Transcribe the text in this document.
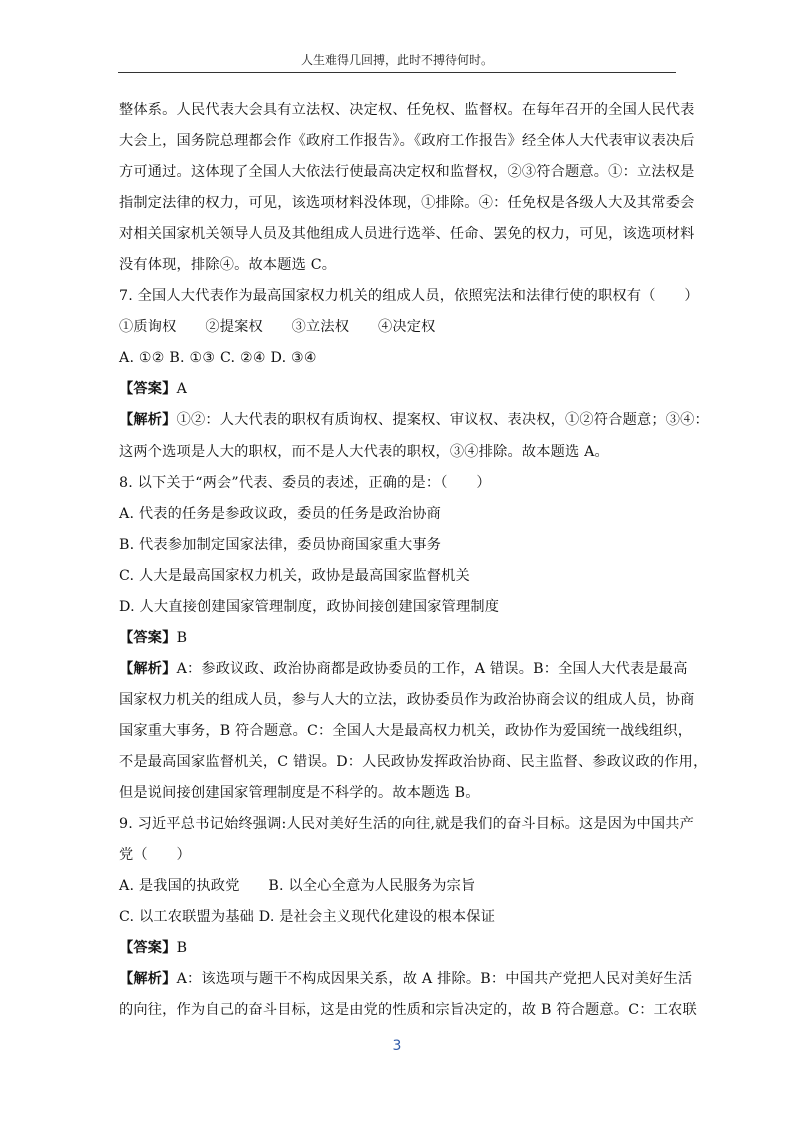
人生难得几回搏，此时不搏待何时。
整体系。人民代表大会具有立法权、决定权、任免权、监督权。在每年召开的全国人民代表
大会上，国务院总理都会作《政府工作报告》。《政府工作报告》经全体人大代表审议表决后
方可通过。这体现了全国人大依法行使最高决定权和监督权，②③符合题意。①：立法权是
指制定法律的权力，可见，该选项材料没体现，①排除。④：任免权是各级人大及其常委会
对相关国家机关领导人员及其他组成人员进行选举、任命、罢免的权力，可见，该选项材料
没有体现，排除④。故本题选 C。
7. 全国人大代表作为最高国家权力机关的组成人员，依照宪法和法律行使的职权有（　　）
①质询权　　②提案权　　③立法权　　④决定权
A. ①② B. ①③ C. ②④ D. ③④
【答案】A
【解析】①②：人大代表的职权有质询权、提案权、审议权、表决权，①②符合题意；③④：
这两个选项是人大的职权，而不是人大代表的职权，③④排除。故本题选 A。
8. 以下关于“两会”代表、委员的表述，正确的是：（　　）
A. 代表的任务是参政议政，委员的任务是政治协商
B. 代表参加制定国家法律，委员协商国家重大事务
C. 人大是最高国家权力机关，政协是最高国家监督机关
D. 人大直接创建国家管理制度，政协间接创建国家管理制度
【答案】B
【解析】A：参政议政、政治协商都是政协委员的工作，A 错误。B：全国人大代表是最高
国家权力机关的组成人员，参与人大的立法，政协委员作为政治协商会议的组成人员，协商
国家重大事务，B 符合题意。C：全国人大是最高权力机关，政协作为爱国统一战线组织，
不是最高国家监督机关，C 错误。D：人民政协发挥政治协商、民主监督、参政议政的作用，
但是说间接创建国家管理制度是不科学的。故本题选 B。
9. 习近平总书记始终强调:人民对美好生活的向往,就是我们的奋斗目标。这是因为中国共产
党（　　）
A. 是我国的执政党　　B. 以全心全意为人民服务为宗旨
C. 以工农联盟为基础 D. 是社会主义现代化建设的根本保证
【答案】B
【解析】A：该选项与题干不构成因果关系，故 A 排除。B：中国共产党把人民对美好生活
的向往，作为自己的奋斗目标，这是由党的性质和宗旨决定的，故 B 符合题意。C：工农联
3
